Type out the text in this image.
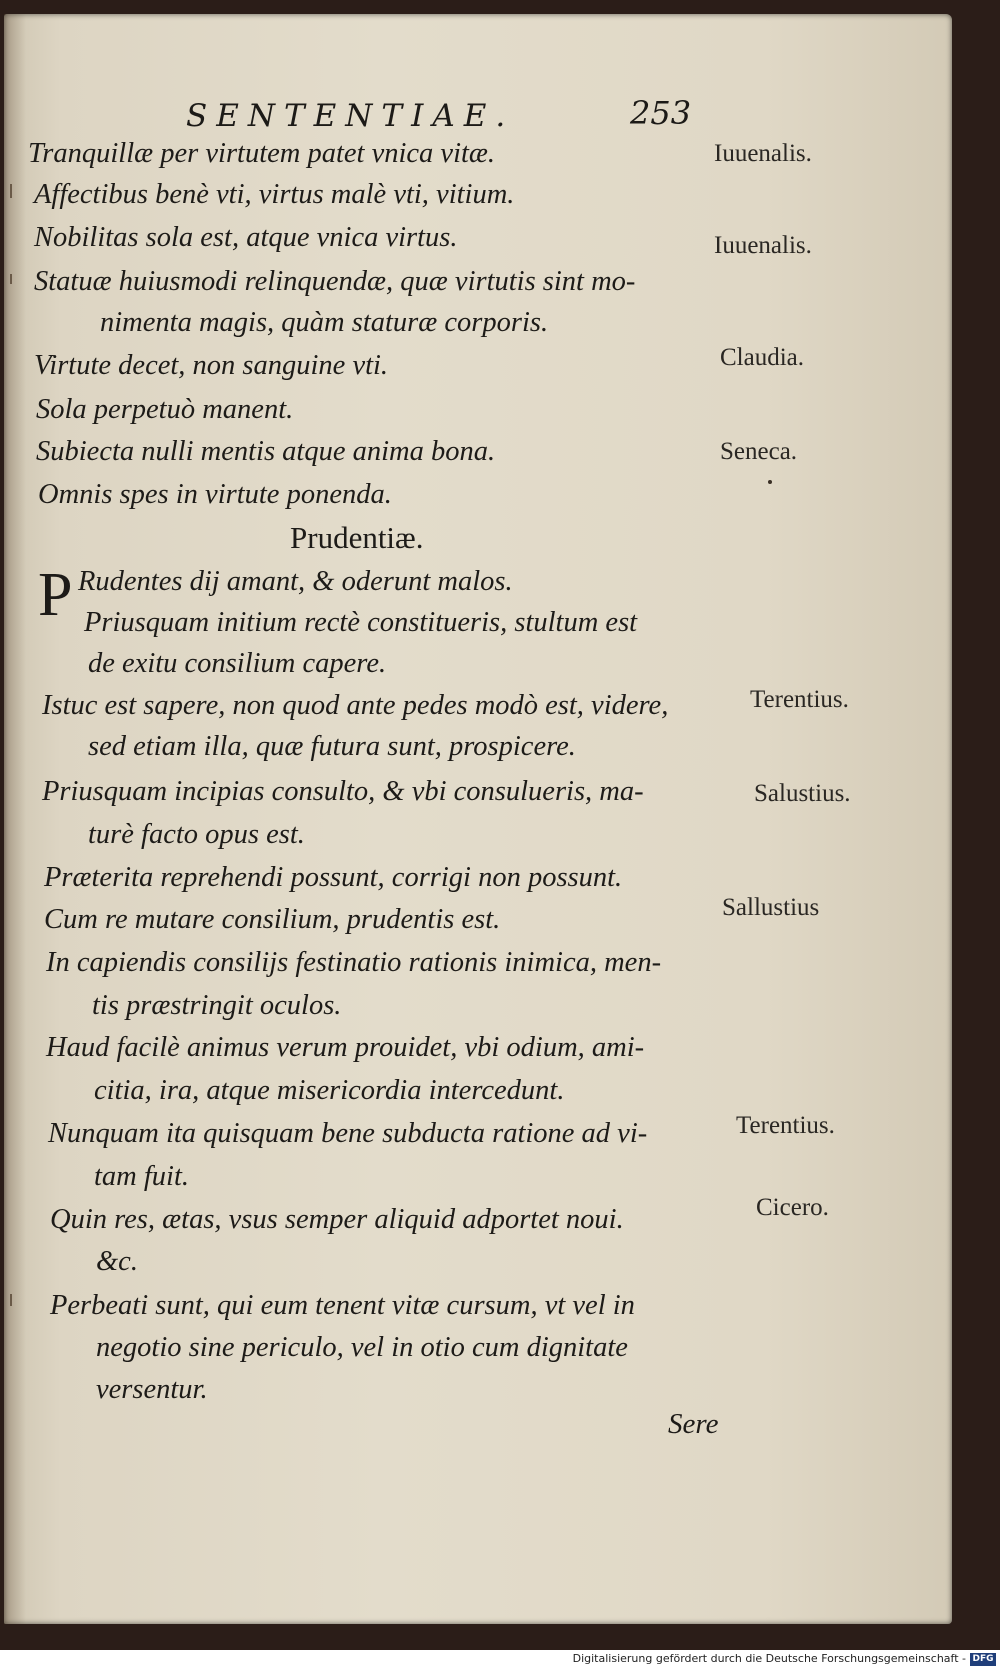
SENTENTIAE.	253
Tranquillæ per virtutem patet vnica vitæ.
Affectibus benè vti, virtus malè vti, vitium.
Nobilitas sola est, atque vnica virtus.
Statuæ huiusmodi relinquendæ, quæ virtutis sint mo-
nimenta magis, quàm staturæ corporis.
Virtute decet, non sanguine vti.
Sola perpetuò manent.
Subiecta nulli mentis atque anima bona.
Omnis spes in virtute ponenda.
Prudentiæ.
P Rudentes dij amant, & oderunt malos.
Priusquam initium rectè constitueris, stultum est
de exitu consilium capere.
Istuc est sapere, non quod ante pedes modò est, videre,
sed etiam illa, quæ futura sunt, prospicere.
Priusquam incipias consulto, & vbi consulueris, ma-
turè facto opus est.
Præterita reprehendi possunt, corrigi non possunt.
Cum re mutare consilium, prudentis est.
In capiendis consilijs festinatio rationis inimica, men-
tis præstringit oculos.
Haud facilè animus verum prouidet, vbi odium, ami-
citia, ira, atque misericordia intercedunt.
Nunquam ita quisquam bene subducta ratione ad vi-
tam fuit.
Quin res, ætas, vsus semper aliquid adportet noui.
&c.
Perbeati sunt, qui eum tenent vitæ cursum, vt vel in
negotio sine periculo, vel in otio cum dignitate
versentur.
Iuuenalis.
Iuuenalis.
Claudia.
Seneca.
Terentius.
Salustius.
Sallustius
Terentius.
Cicero.
Sere
Digitalisierung gefördert durch die Deutsche Forschungsgemeinschaft - DFG
